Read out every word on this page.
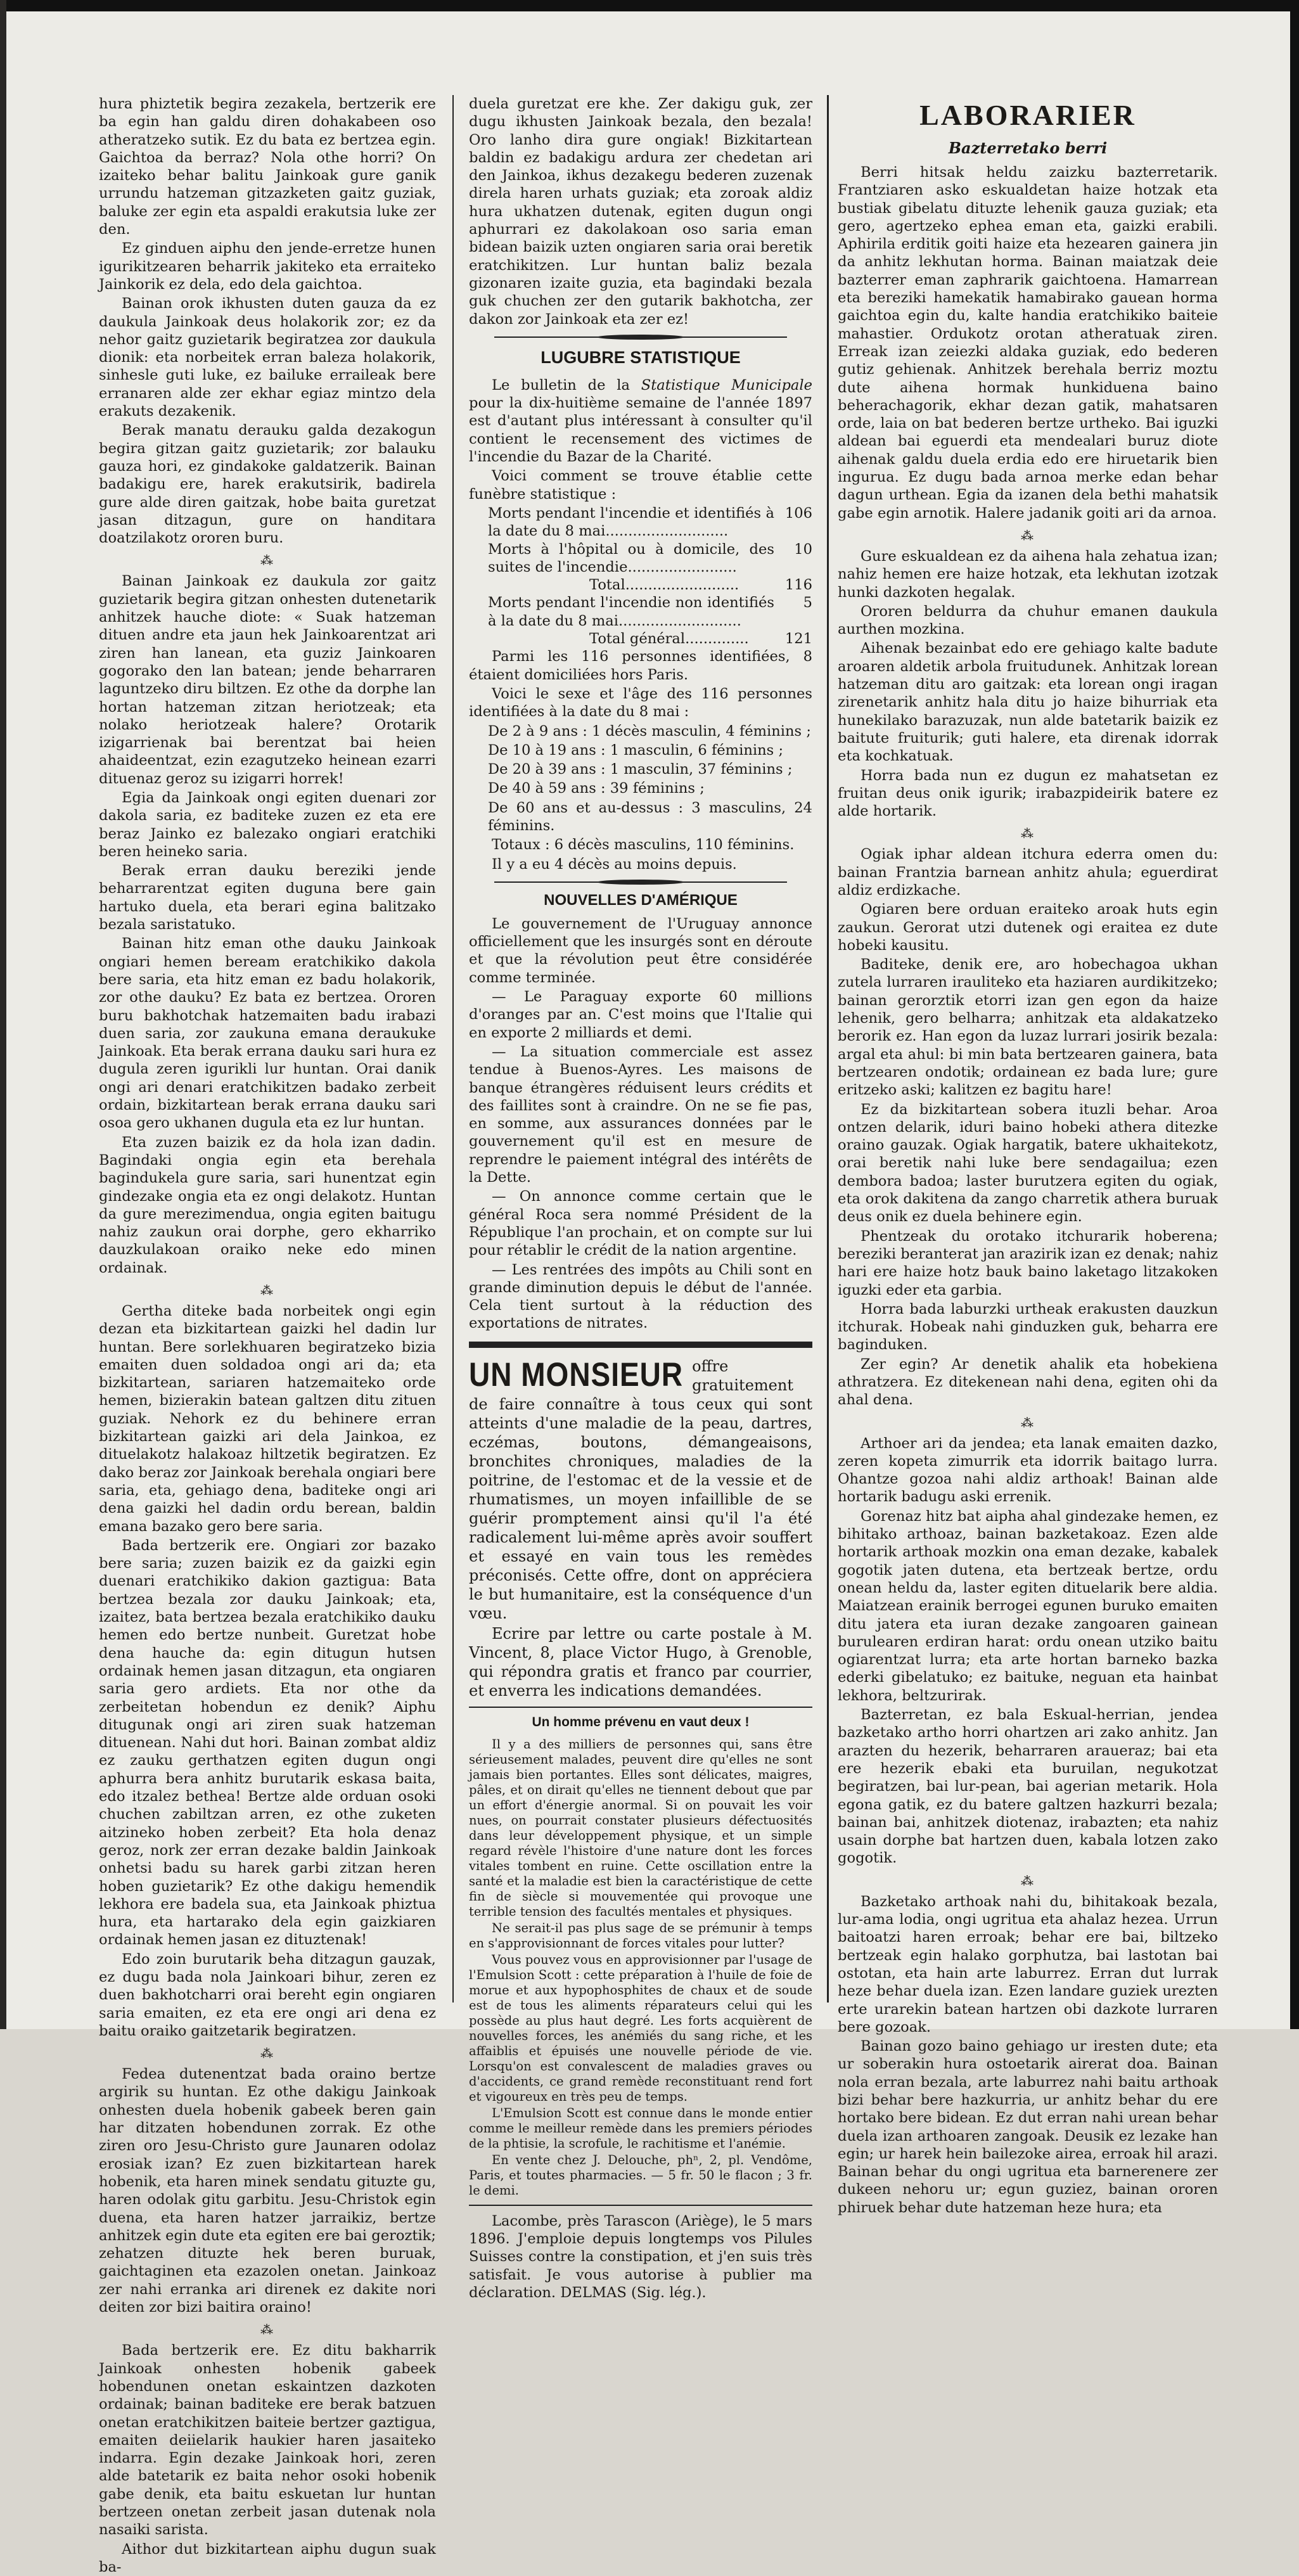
hura phiztetik begira zezakela, bertzerik ere ba egin han galdu diren dohakabeen oso atheratzeko sutik. Ez du bata ez bertzea egin. Gaichtoa da berraz? Nola othe horri? On izaiteko behar balitu Jainkoak gure ganik urrundu hatzeman gitzazketen gaitz guziak, baluke zer egin eta aspaldi erakutsia luke zer den.

Ez ginduen aiphu den jende-erretze hunen igurikitzearen beharrik jakiteko eta erraiteko Jainkorik ez dela, edo dela gaichtoa.

Bainan orok ikhusten duten gauza da ez daukula Jainkoak deus holakorik zor; ez da nehor gaitz guzietarik begiratzea zor daukula dionik: eta norbeitek erran baleza holakorik, sinhesle guti luke, ez bailuke erraileak bere erranaren alde zer ekhar egiaz mintzo dela erakuts dezakenik.

Berak manatu derauku galda dezakogun begira gitzan gaitz guzietarik; zor balauku gauza hori, ez gindakoke galdatzerik. Bainan badakigu ere, harek erakutsirik, badirela gure alde diren gaitzak, hobe baita guretzat jasan ditzagun, gure on handitara doatzilakotz ororen buru.

⁂

Bainan Jainkoak ez daukula zor gaitz guzietarik begira gitzan onhesten dutenetarik anhitzek hauche diote: « Suak hatzeman dituen andre eta jaun hek Jainkoarentzat ari ziren han lanean, eta guziz Jainkoaren gogorako den lan batean; jende beharraren laguntzeko diru biltzen. Ez othe da dorphe lan hortan hatzeman zitzan heriotzeak; eta nolako heriotzeak halere? Orotarik izigarrienak bai berentzat bai heien ahaideentzat, ezin ezagutzeko heinean ezarri dituenaz geroz su izigarri horrek!

Egia da Jainkoak ongi egiten duenari zor dakola saria, ez baditeke zuzen ez eta ere beraz Jainko ez balezako ongiari eratchiki beren heineko saria.

Berak erran dauku bereziki jende beharrarentzat egiten duguna bere gain hartuko duela, eta berari egina balitzako bezala saristatuko.

Bainan hitz eman othe dauku Jainkoak ongiari hemen beream eratchikiko dakola bere saria, eta hitz eman ez badu holakorik, zor othe dauku? Ez bata ez bertzea. Ororen buru bakhotchak hatzemaiten badu irabazi duen saria, zor zaukuna emana deraukuke Jainkoak. Eta berak errana dauku sari hura ez dugula zeren igurikli lur huntan. Orai danik ongi ari denari eratchikitzen badako zerbeit ordain, bizkitartean berak errana dauku sari osoa gero ukhanen dugula eta ez lur huntan.

Eta zuzen baizik ez da hola izan dadin. Bagindaki ongia egin eta berehala bagindukela gure saria, sari hunentzat egin gindezake ongia eta ez ongi delakotz. Huntan da gure merezimendua, ongia egiten baitugu nahiz zaukun orai dorphe, gero ekharriko dauzkulakoan oraiko neke edo minen ordainak.

⁂

Gertha diteke bada norbeitek ongi egin dezan eta bizkitartean gaizki hel dadin lur huntan. Bere sorlekhuaren begiratzeko bizia emaiten duen soldadoa ongi ari da; eta bizkitartean, sariaren hatzemaiteko orde hemen, bizierakin batean galtzen ditu zituen guziak. Nehork ez du behinere erran bizkitartean gaizki ari dela Jainkoa, ez dituelakotz halakoaz hiltzetik begiratzen. Ez dako beraz zor Jainkoak berehala ongiari bere saria, eta, gehiago dena, baditeke ongi ari dena gaizki hel dadin ordu berean, baldin emana bazako gero bere saria.

Bada bertzerik ere. Ongiari zor bazako bere saria; zuzen baizik ez da gaizki egin duenari eratchikiko dakion gaztigua: Bata bertzea bezala zor dauku Jainkoak; eta, izaitez, bata bertzea bezala eratchikiko dauku hemen edo bertze nunbeit. Guretzat hobe dena hauche da: egin ditugun hutsen ordainak hemen jasan ditzagun, eta ongiaren saria gero ardiets. Eta nor othe da zerbeitetan hobendun ez denik? Aiphu ditugunak ongi ari ziren suak hatzeman dituenean. Nahi dut hori. Bainan zombat aldiz ez zauku gerthatzen egiten dugun ongi aphurra bera anhitz burutarik eskasa baita, edo itzalez bethea! Bertze alde orduan osoki chuchen zabiltzan arren, ez othe zuketen aitzineko hoben zerbeit? Eta hola denaz geroz, nork zer erran dezake baldin Jainkoak onhetsi badu su harek garbi zitzan heren hoben guzietarik? Ez othe dakigu hemendik lekhora ere badela sua, eta Jainkoak phiztua hura, eta hartarako dela egin gaizkiaren ordainak hemen jasan ez dituztenak!

Edo zoin burutarik beha ditzagun gauzak, ez dugu bada nola Jainkoari bihur, zeren ez duen bakhotcharri orai bereht egin ongiaren saria emaiten, ez eta ere ongi ari dena ez baitu oraiko gaitzetarik begiratzen.

⁂

Fedea dutenentzat bada oraino bertze argirik su huntan. Ez othe dakigu Jainkoak onhesten duela hobenik gabeek beren gain har ditzaten hobendunen zorrak. Ez othe ziren oro Jesu-Christo gure Jaunaren odolaz erosiak izan? Ez zuen bizkitartean harek hobenik, eta haren minek sendatu gituzte gu, haren odolak gitu garbitu. Jesu-Christok egin duena, eta haren hatzer jarraikiz, bertze anhitzek egin dute eta egiten ere bai geroztik; zehatzen dituzte hek beren buruak, gaichtaginen eta ezazolen onetan. Jainkoaz zer nahi erranka ari direnek ez dakite nori deiten zor bizi baitira oraino!

⁂

Bada bertzerik ere. Ez ditu bakharrik Jainkoak onhesten hobenik gabeek hobendunen onetan eskaintzen dazkoten ordainak; bainan baditeke ere berak batzuen onetan eratchikitzen baiteie bertzer gaztigua, emaiten deiielarik haukier haren jasaiteko indarra. Egin dezake Jainkoak hori, zeren alde batetarik ez baita nehor osoki hobenik gabe denik, eta baitu eskuetan lur huntan bertzeen onetan zerbeit jasan dutenak nola nasaiki sarista.

Aithor dut bizkitartean aiphu dugun suak ba-

duela guretzat ere khe. Zer dakigu guk, zer dugu ikhusten Jainkoak bezala, den bezala! Oro lanho dira gure ongiak! Bizkitartean baldin ez badakigu ardura zer chedetan ari den Jainkoa, ikhus dezakegu bederen zuzenak direla haren urhats guziak; eta zoroak aldiz hura ukhatzen dutenak, egiten dugun ongi aphurrari ez dakolakoan oso saria eman bidean baizik uzten ongiaren saria orai beretik eratchikitzen. Lur huntan baliz bezala gizonaren izaite guzia, eta bagindaki bezala guk chuchen zer den gutarik bakhotcha, zer dakon zor Jainkoak eta zer ez!

LUGUBRE STATISTIQUE

Le bulletin de la Statistique Municipale pour la dix-huitième semaine de l'année 1897 est d'autant plus intéressant à consulter qu'il contient le recensement des victimes de l'incendie du Bazar de la Charité.

Voici comment se trouve établie cette funèbre statistique :

Morts pendant l'incendie et identifiés à la date du 8 mai...........................
106
Morts à l'hôpital ou à domicile, des suites de l'incendie........................
10
Total.........................	116
Morts pendant l'incendie non identifiés à la date du 8 mai...........................
5
Total général..............	121

Parmi les 116 personnes identifiées, 8 étaient domiciliées hors Paris.

Voici le sexe et l'âge des 116 personnes identifiées à la date du 8 mai :

De 2 à 9 ans : 1 décès masculin, 4 féminins ;

De 10 à 19 ans : 1 masculin, 6 féminins ;

De 20 à 39 ans : 1 masculin, 37 féminins ;

De 40 à 59 ans : 39 féminins ;

De 60 ans et au-dessus : 3 masculins, 24 féminins.

Totaux : 6 décès masculins, 110 féminins.

Il y a eu 4 décès au moins depuis.

NOUVELLES D'AMÉRIQUE

Le gouvernement de l'Uruguay annonce officiellement que les insurgés sont en déroute et que la révolution peut être considérée comme terminée.

— Le Paraguay exporte 60 millions d'oranges par an. C'est moins que l'Italie qui en exporte 2 milliards et demi.

— La situation commerciale est assez tendue à Buenos-Ayres. Les maisons de banque étrangères réduisent leurs crédits et des faillites sont à craindre. On ne se fie pas, en somme, aux assurances données par le gouvernement qu'il est en mesure de reprendre le paiement intégral des intérêts de la Dette.

— On annonce comme certain que le général Roca sera nommé Président de la République l'an prochain, et on compte sur lui pour rétablir le crédit de la nation argentine.

— Les rentrées des impôts au Chili sont en grande diminution depuis le début de l'année. Cela tient surtout à la réduction des exportations de nitrates.

UN MONSIEUR offre gratuitement de faire connaître à tous ceux qui sont atteints d'une maladie de la peau, dartres, eczémas, boutons, démangeaisons, bronchites chroniques, maladies de la poitrine, de l'estomac et de la vessie et de rhumatismes, un moyen infaillible de se guérir promptement ainsi qu'il l'a été radicalement lui-même après avoir souffert et essayé en vain tous les remèdes préconisés. Cette offre, dont on appréciera le but humanitaire, est la conséquence d'un vœu.

Ecrire par lettre ou carte postale à M. Vincent, 8, place Victor Hugo, à Grenoble, qui répondra gratis et franco par courrier, et enverra les indications demandées.

Un homme prévenu en vaut deux !

Il y a des milliers de personnes qui, sans être sérieusement malades, peuvent dire qu'elles ne sont jamais bien portantes. Elles sont délicates, maigres, pâles, et on dirait qu'elles ne tiennent debout que par un effort d'énergie anormal. Si on pouvait les voir nues, on pourrait constater plusieurs défectuosités dans leur développement physique, et un simple regard révèle l'histoire d'une nature dont les forces vitales tombent en ruine. Cette oscillation entre la santé et la maladie est bien la caractéristique de cette fin de siècle si mouvementée qui provoque une terrible tension des facultés mentales et physiques.

Ne serait-il pas plus sage de se prémunir à temps en s'approvisionnant de forces vitales pour lutter?

Vous pouvez vous en approvisionner par l'usage de l'Emulsion Scott : cette préparation à l'huile de foie de morue et aux hypophosphites de chaux et de soude est de tous les aliments réparateurs celui qui les possède au plus haut degré. Les forts acquièrent de nouvelles forces, les anémiés du sang riche, et les affaiblis et épuisés une nouvelle période de vie. Lorsqu'on est convalescent de maladies graves ou d'accidents, ce grand remède reconstituant rend fort et vigoureux en très peu de temps.

L'Emulsion Scott est connue dans le monde entier comme le meilleur remède dans les premiers périodes de la phtisie, la scrofule, le rachitisme et l'anémie.

En vente chez J. Delouche, phⁿ, 2, pl. Vendôme, Paris, et toutes pharmacies. — 5 fr. 50 le flacon ; 3 fr. le demi.

Lacombe, près Tarascon (Ariège), le 5 mars 1896. J'emploie depuis longtemps vos Pilules Suisses contre la constipation, et j'en suis très satisfait. Je vous autorise à publier ma déclaration. DELMAS (Sig. lég.).

LABORARIER
Bazterretako berri

Berri hitsak heldu zaizku bazterretarik. Frantziaren asko eskualdetan haize hotzak eta bustiak gibelatu dituzte lehenik gauza guziak; eta gero, agertzeko ephea eman eta, gaizki erabili. Aphirila erditik goiti haize eta hezearen gainera jin da anhitz lekhutan horma. Bainan maiatzak deie bazterrer eman zaphrarik gaichtoena. Hamarrean eta bereziki hamekatik hamabirako gauean horma gaichtoa egin du, kalte handia eratchikiko baiteie mahastier. Ordukotz orotan atheratuak ziren. Erreak izan zeiezki aldaka guziak, edo bederen gutiz gehienak. Anhitzek berehala berriz moztu dute aihena hormak hunkiduena baino beherachagorik, ekhar dezan gatik, mahatsaren orde, laia on bat bederen bertze urtheko. Bai iguzki aldean bai eguerdi eta mendealari buruz diote aihenak galdu duela erdia edo ere hiruetarik bien ingurua. Ez dugu bada arnoa merke edan behar dagun urthean. Egia da izanen dela bethi mahatsik gabe egin arnotik. Halere jadanik goiti ari da arnoa.

⁂

Gure eskualdean ez da aihena hala zehatua izan; nahiz hemen ere haize hotzak, eta lekhutan izotzak hunki dazkoten hegalak.

Ororen beldurra da chuhur emanen daukula aurthen mozkina.

Aihenak bezainbat edo ere gehiago kalte badute aroaren aldetik arbola fruitudunek. Anhitzak lorean hatzeman ditu aro gaitzak: eta lorean ongi iragan zirenetarik anhitz hala ditu jo haize bihurriak eta hunekilako barazuzak, nun alde batetarik baizik ez baitute fruiturik; guti halere, eta direnak idorrak eta kochkatuak.

Horra bada nun ez dugun ez mahatsetan ez fruitan deus onik igurik; irabazpideirik batere ez alde hortarik.

⁂

Ogiak iphar aldean itchura ederra omen du: bainan Frantzia barnean anhitz ahula; eguerdirat aldiz erdizkache.

Ogiaren bere orduan eraiteko aroak huts egin zaukun. Gerorat utzi dutenek ogi eraitea ez dute hobeki kausitu.

Baditeke, denik ere, aro hobechagoa ukhan zutela lurraren irauliteko eta haziaren aurdikitzeko; bainan gerorztik etorri izan gen egon da haize lehenik, gero belharra; anhitzak eta aldakatzeko berorik ez. Han egon da luzaz lurrari josirik bezala: argal eta ahul: bi min bata bertzearen gainera, bata bertzearen ondotik; ordainean ez bada lure; gure eritzeko aski; kalitzen ez bagitu hare!

Ez da bizkitartean sobera ituzli behar. Aroa ontzen delarik, iduri baino hobeki athera ditezke oraino gauzak. Ogiak hargatik, batere ukhaitekotz, orai beretik nahi luke bere sendagailua; ezen dembora badoa; laster burutzera egiten du ogiak, eta orok dakitena da zango charretik athera buruak deus onik ez duela behinere egin.

Phentzeak du orotako itchurarik hoberena; bereziki beranterat jan arazirik izan ez denak; nahiz hari ere haize hotz bauk baino laketago litzakoken iguzki eder eta garbia.

Horra bada laburzki urtheak erakusten dauzkun itchurak. Hobeak nahi ginduzken guk, beharra ere baginduken.

Zer egin? Ar denetik ahalik eta hobekiena athratzera. Ez ditekenean nahi dena, egiten ohi da ahal dena.

⁂

Arthoer ari da jendea; eta lanak emaiten dazko, zeren kopeta zimurrik eta idorrik baitago lurra. Ohantze gozoa nahi aldiz arthoak! Bainan alde hortarik badugu aski errenik.

Gorenaz hitz bat aipha ahal gindezake hemen, ez bihitako arthoaz, bainan bazketakoaz. Ezen alde hortarik arthoak mozkin ona eman dezake, kabalek gogotik jaten dutena, eta bertzeak bertze, ordu onean heldu da, laster egiten dituelarik bere aldia. Maiatzean erainik berrogei egunen buruko emaiten ditu jatera eta iuran dezake zangoaren gainean burulearen erdiran harat: ordu onean utziko baitu ogiarentzat lurra; eta arte hortan barneko bazka ederki gibelatuko; ez baituke, neguan eta hainbat lekhora, beltzurirak.

Bazterretan, ez bala Eskual-herrian, jendea bazketako artho horri ohartzen ari zako anhitz. Jan arazten du hezerik, beharraren araueraz; bai eta ere hezerik ebaki eta buruilan, negukotzat begiratzen, bai lur-pean, bai agerian metarik. Hola egona gatik, ez du batere galtzen hazkurri bezala; bainan bai, anhitzek diotenaz, irabazten; eta nahiz usain dorphe bat hartzen duen, kabala lotzen zako gogotik.

⁂

Bazketako arthoak nahi du, bihitakoak bezala, lur-ama lodia, ongi ugritua eta ahalaz hezea. Urrun baitoatzi haren erroak; behar ere bai, biltzeko bertzeak egin halako gorphutza, bai lastotan bai ostotan, eta hain arte laburrez. Erran dut lurrak heze behar duela izan. Ezen landare guziek urezten erte urarekin batean hartzen obi dazkote lurraren bere gozoak.

Bainan gozo baino gehiago ur iresten dute; eta ur soberakin hura ostoetarik airerat doa. Bainan nola erran bezala, arte laburrez nahi baitu arthoak bizi behar bere hazkurria, ur anhitz behar du ere hortako bere bidean. Ez dut erran nahi urean behar duela izan arthoaren zangoak. Deusik ez lezake han egin; ur harek hein bailezoke airea, erroak hil arazi. Bainan behar du ongi ugritua eta barnerenere zer dukeen nehoru ur; egun guziez, bainan ororen phiruek behar dute hatzeman heze hura; eta
